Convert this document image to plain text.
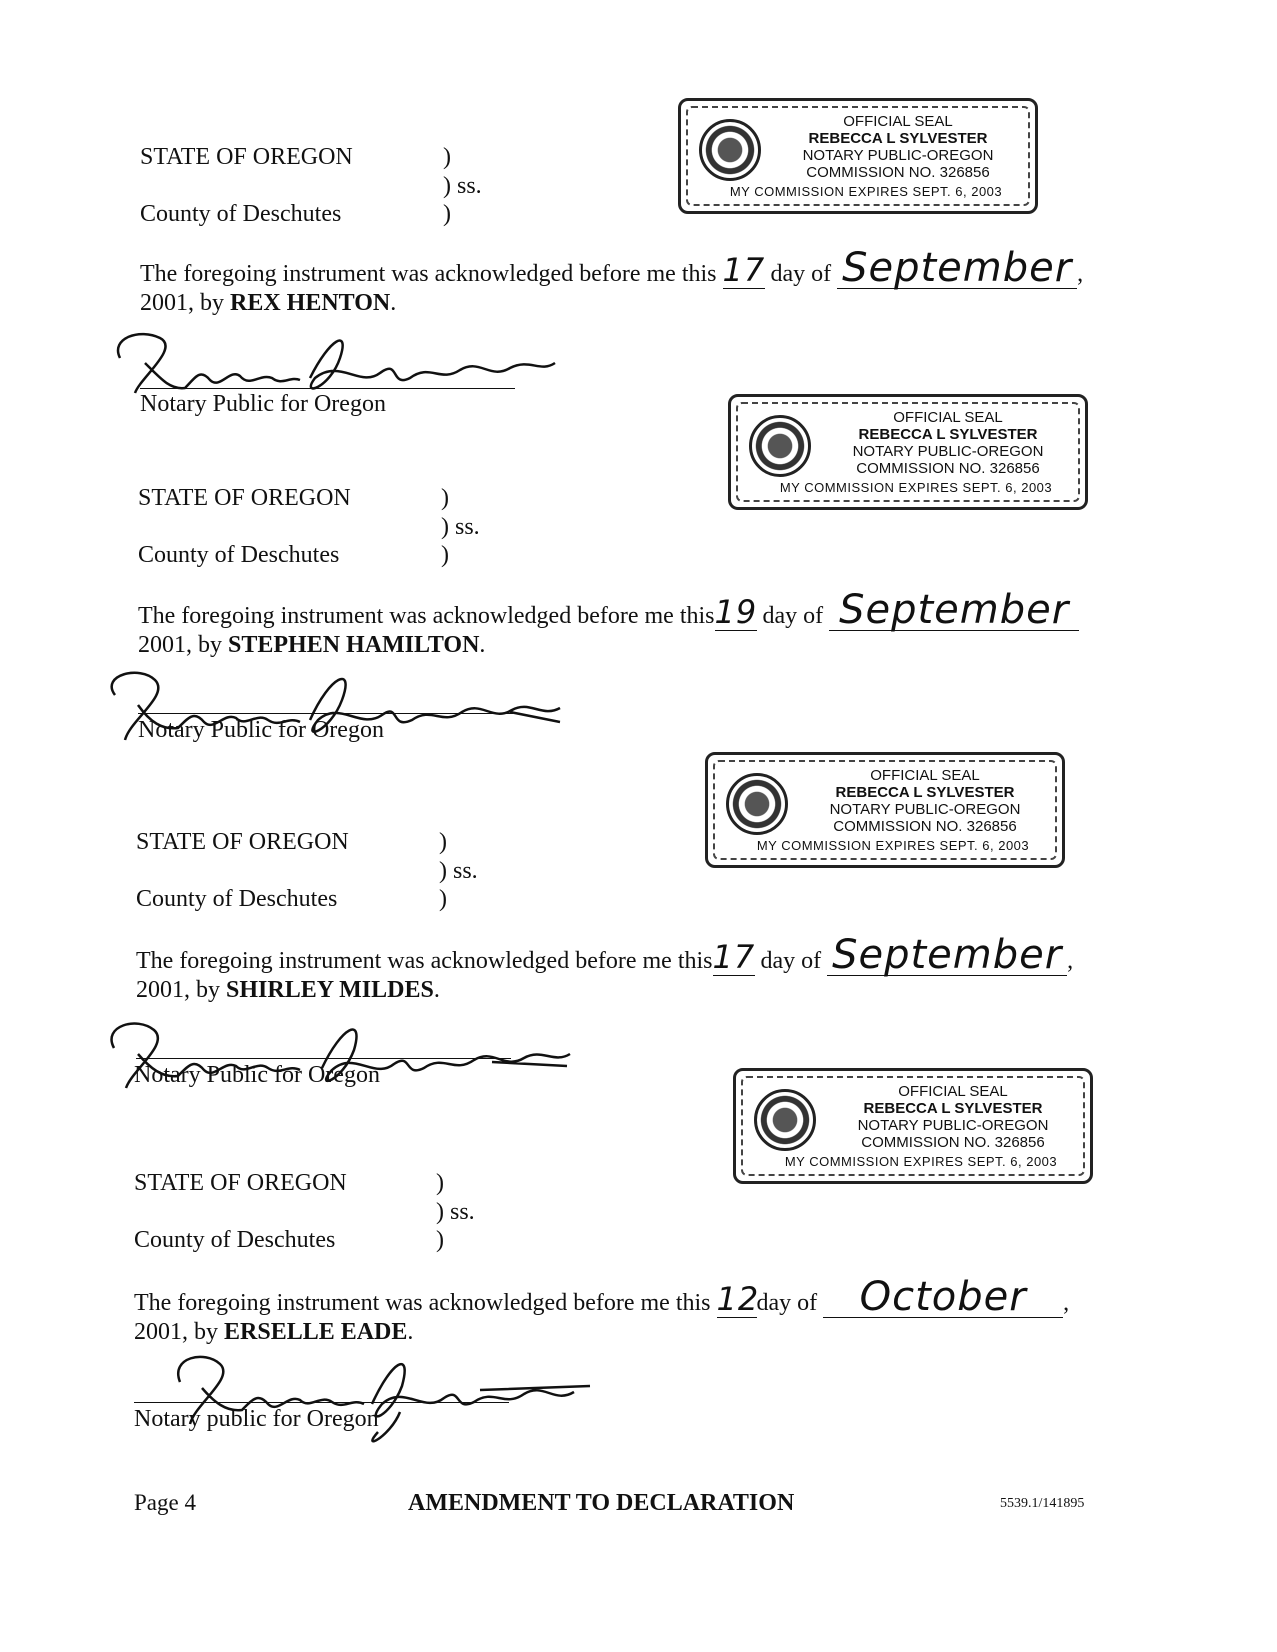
OFFICIAL SEAL
REBECCA L SYLVESTER
NOTARY PUBLIC-OREGON
COMMISSION NO. 326856
MY COMMISSION EXPIRES SEPT. 6, 2003
STATE OF OREGON	)
) ss.
County of Deschutes	)
The foregoing instrument was acknowledged before me this 17 day of September ,
2001, by REX HENTON.
Notary Public for Oregon
OFFICIAL SEAL
REBECCA L SYLVESTER
NOTARY PUBLIC-OREGON
COMMISSION NO. 326856
MY COMMISSION EXPIRES SEPT. 6, 2003
STATE OF OREGON	)
) ss.
County of Deschutes	)
The foregoing instrument was acknowledged before me this19 day of September
2001, by STEPHEN HAMILTON.
Notary Public for Oregon
OFFICIAL SEAL
REBECCA L SYLVESTER
NOTARY PUBLIC-OREGON
COMMISSION NO. 326856
MY COMMISSION EXPIRES SEPT. 6, 2003
STATE OF OREGON	)
) ss.
County of Deschutes	)
The foregoing instrument was acknowledged before me this17 day of September ,
2001, by SHIRLEY MILDES.
Notary Public for Oregon
OFFICIAL SEAL
REBECCA L SYLVESTER
NOTARY PUBLIC-OREGON
COMMISSION NO. 326856
MY COMMISSION EXPIRES SEPT. 6, 2003
STATE OF OREGON	)
) ss.
County of Deschutes	)
The foregoing instrument was acknowledged before me this 12day of October ,
2001, by ERSELLE EADE.
Notary public for Oregon
Page 4	AMENDMENT TO DECLARATION	5539.1/141895
